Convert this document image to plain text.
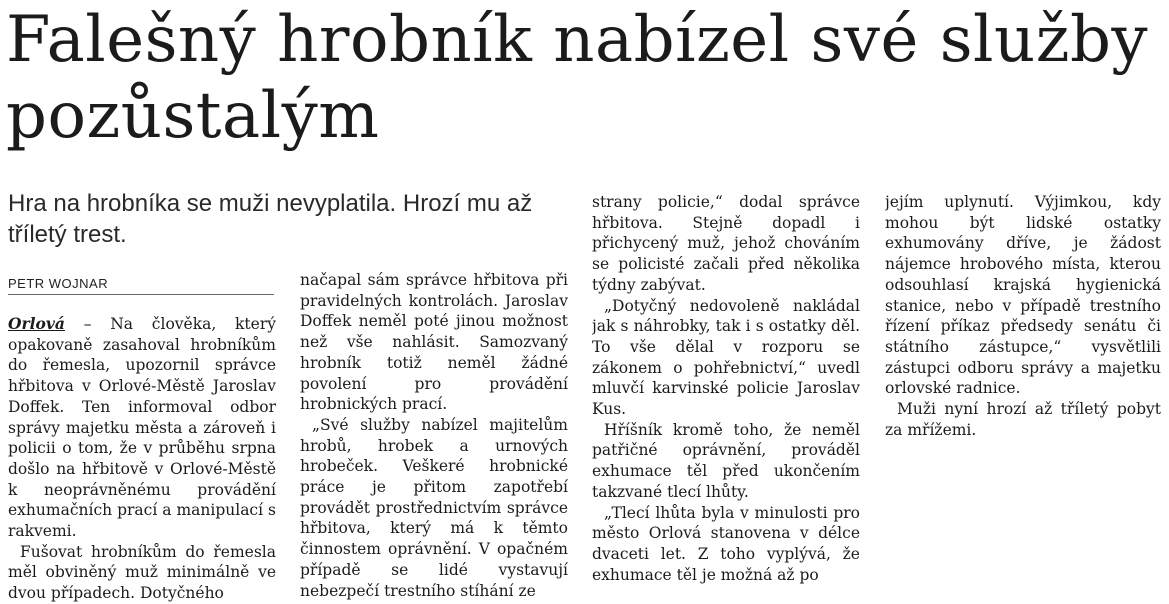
Falešný hrobník nabízel své služby pozůstalým

Hra na hrobníka se muži nevyplatila. Hrozí mu až tříletý trest.

PETR WOJNAR

Orlová – Na člověka, který opakovaně zasahoval hrobníkům do řemesla, upozornil správce hřbitova v Orlové-Městě Jaroslav Doffek. Ten informoval odbor správy majetku města a zároveň i policii o tom, že v průběhu srpna došlo na hřbitově v Orlové-Městě k neoprávněnému provádění exhumačních prací a manipulací s rakvemi.

Fušovat hrobníkům do řemesla měl obviněný muž minimálně ve dvou případech. Dotyčného

načapal sám správce hřbitova při pravidelných kontrolách. Jaroslav Doffek neměl poté jinou možnost než vše nahlásit. Samozvaný hrobník totiž neměl žádné povolení pro provádění hrobnických prací.

„Své služby nabízel majitelům hrobů, hrobek a urnových hrobeček. Veškeré hrobnické práce je přitom zapotřebí provádět prostřednictvím správce hřbitova, který má k těmto činnostem oprávnění. V opačném případě se lidé vystavují nebezpečí trestního stíhání ze

strany policie,“ dodal správce hřbitova. Stejně dopadl i přichycený muž, jehož chováním se policisté začali před několika týdny zabývat.

„Dotyčný nedovoleně nakládal jak s náhrobky, tak i s ostatky děl. To vše dělal v rozporu se zákonem o pohřebnictví,“ uvedl mluvčí karvinské policie Jaroslav Kus.

Hříšník kromě toho, že neměl patřičné oprávnění, prováděl exhumace těl před ukončením takzvané tlecí lhůty.

„Tlecí lhůta byla v minulosti pro město Orlová stanovena v délce dvaceti let. Z toho vyplývá, že exhumace těl je možná až po

jejím uplynutí. Výjimkou, kdy mohou být lidské ostatky exhumovány dříve, je žádost nájemce hrobového místa, kterou odsouhlasí krajská hygienická stanice, nebo v případě trestního řízení příkaz předsedy senátu či státního zástupce,“ vysvětlili zástupci odboru správy a majetku orlovské radnice.

Muži nyní hrozí až tříletý pobyt za mřížemi.
